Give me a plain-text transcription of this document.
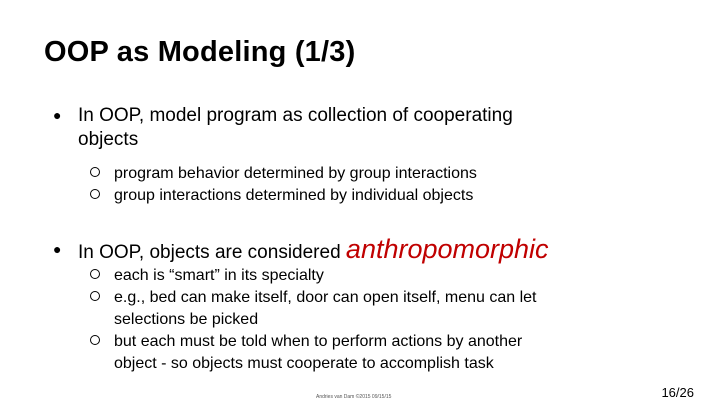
OOP as Modeling (1/3)
● In OOP, model program as collection of cooperating
objects
program behavior determined by group interactions
group interactions determined by individual objects
● In OOP, objects are considered anthropomorphic
each is “smart” in its specialty
e.g., bed can make itself, door can open itself, menu can let
selections be picked
but each must be told when to perform actions by another
object - so objects must cooperate to accomplish task
Andries van Dam ©2015 09/15/15	16/26
